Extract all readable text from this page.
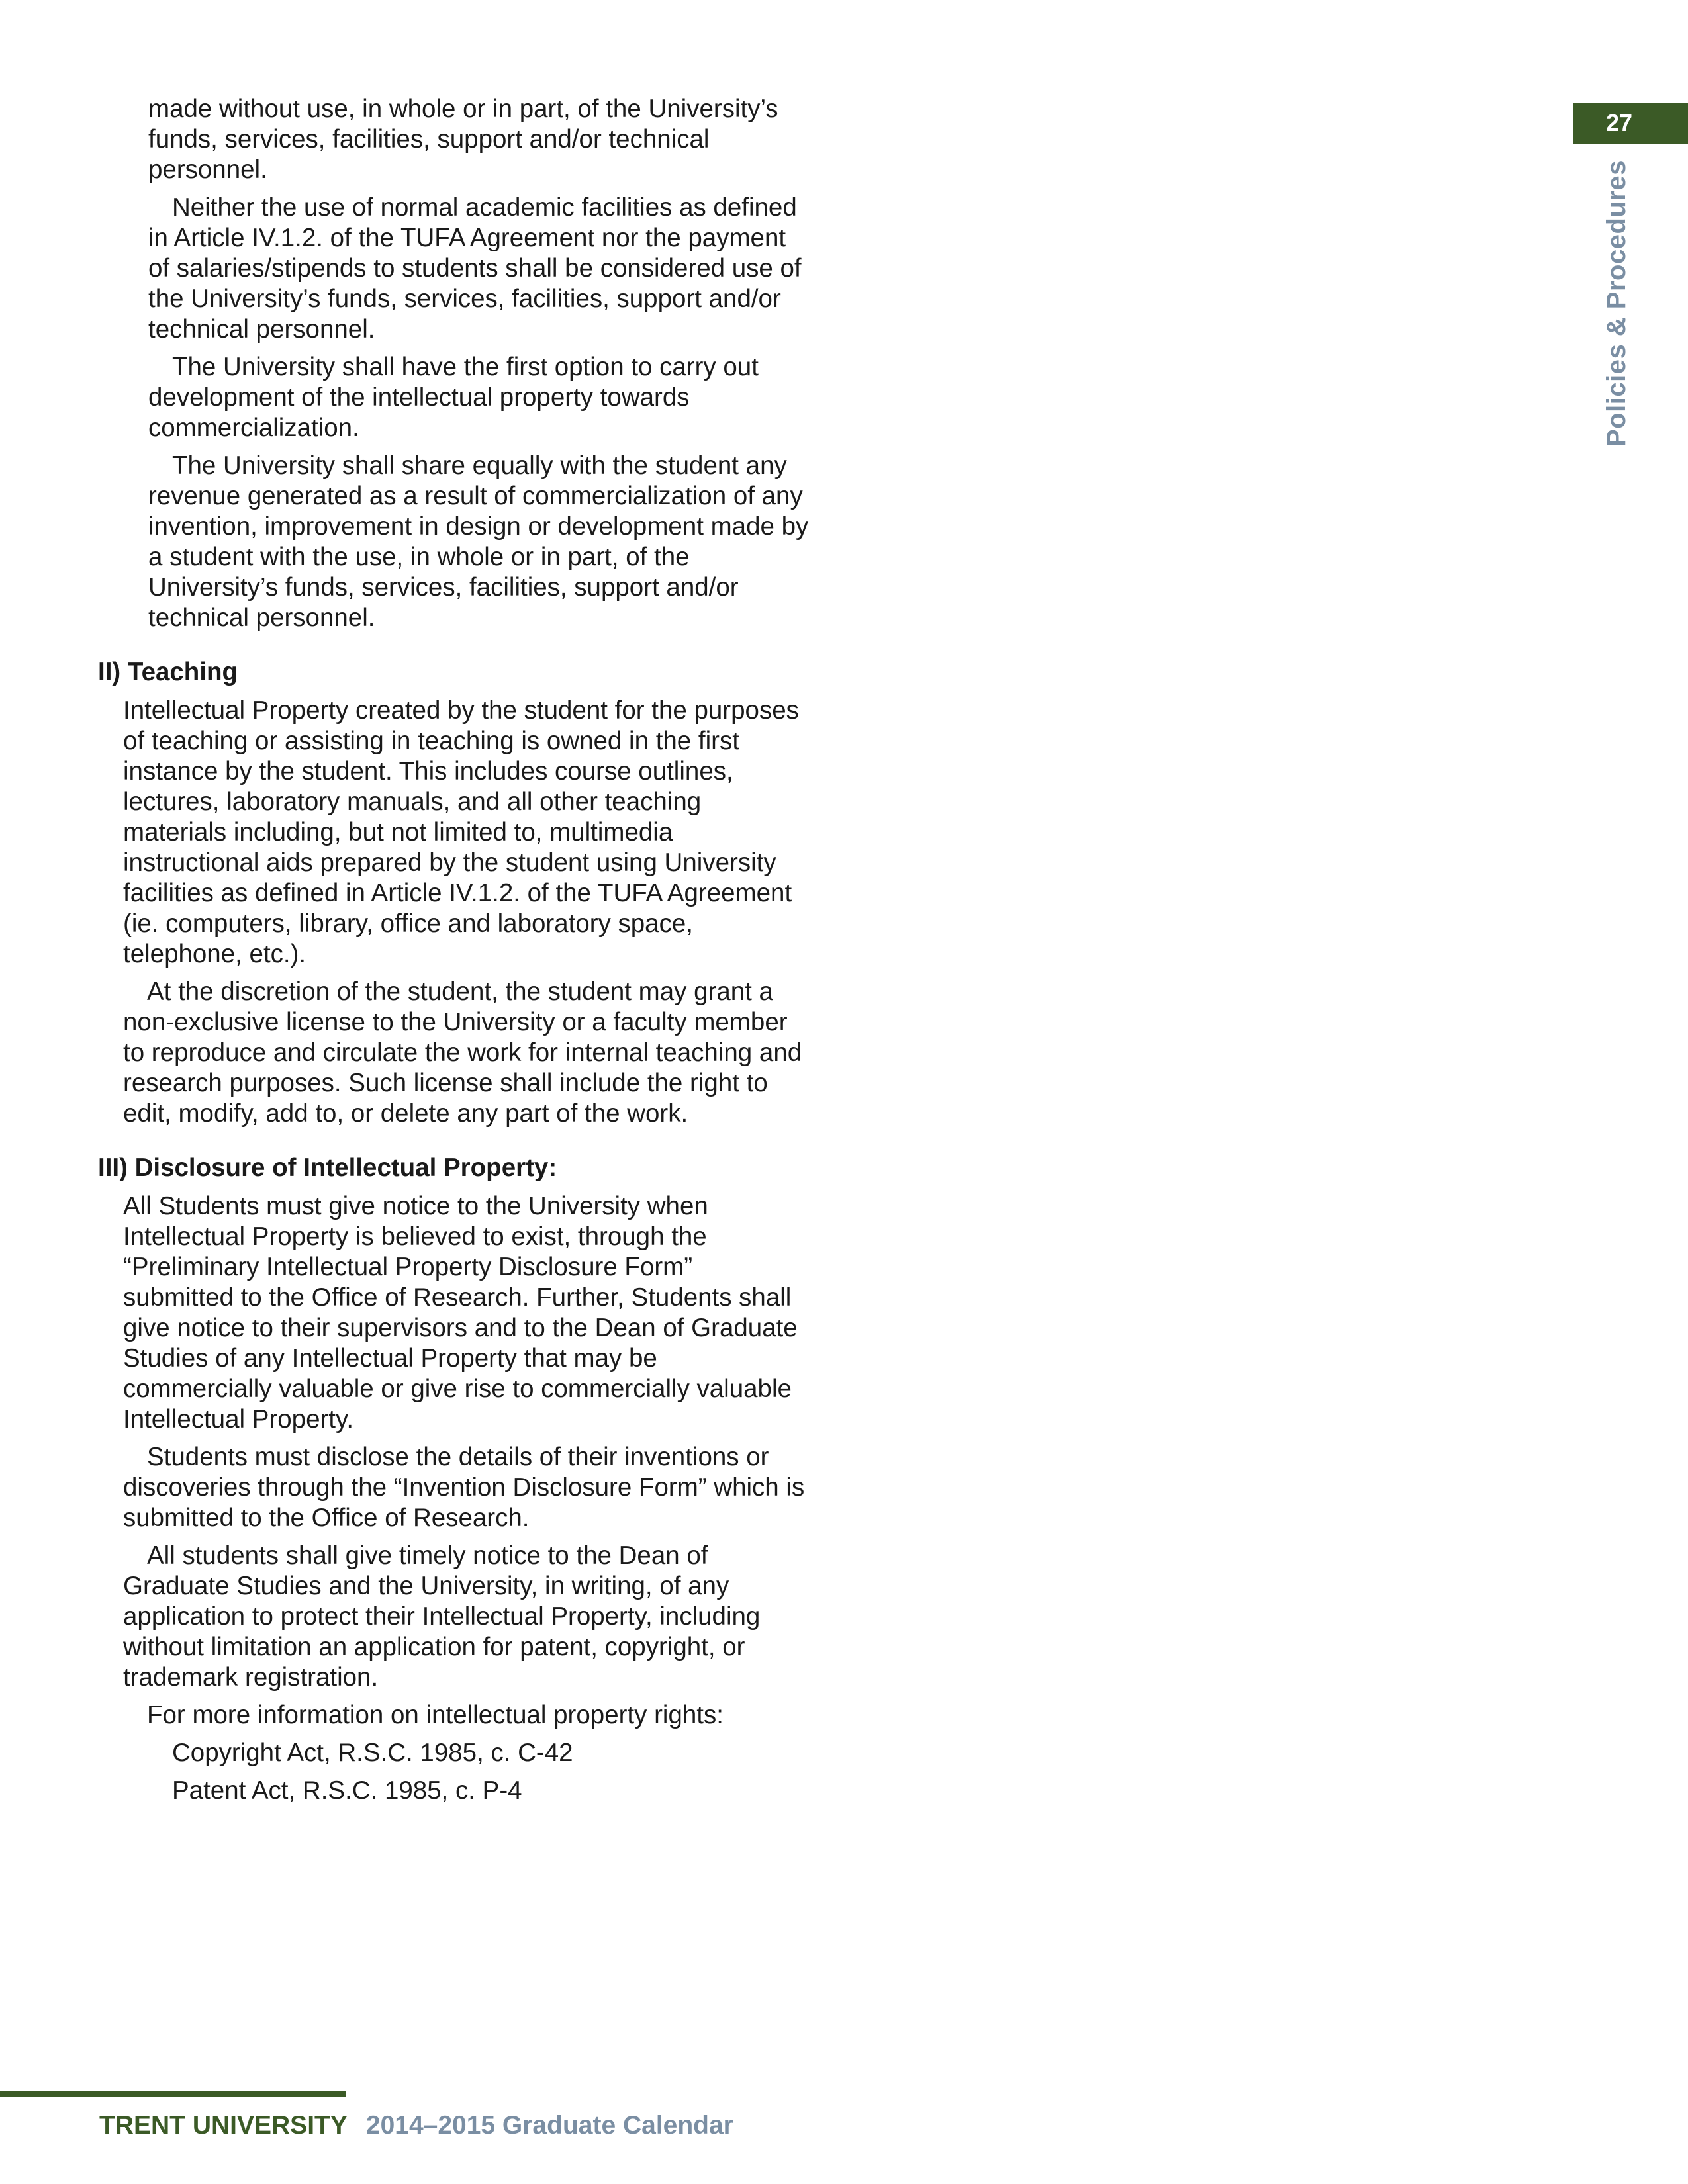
made without use, in whole or in part, of the University’s funds, services, facilities, support and/or technical personnel.

Neither the use of normal academic facilities as defined in Article IV.1.2. of the TUFA Agreement nor the payment of salaries/stipends to students shall be considered use of the University’s funds, services, facilities, support and/or technical personnel.

The University shall have the first option to carry out development of the intellectual property towards commercialization.

The University shall share equally with the student any revenue generated as a result of commercialization of any invention, improvement in design or development made by a student with the use, in whole or in part, of the University’s funds, services, facilities, support and/or technical personnel.

II) Teaching

Intellectual Property created by the student for the purposes of teaching or assisting in teaching is owned in the first instance by the student. This includes course outlines, lectures, laboratory manuals, and all other teaching materials including, but not limited to, multimedia instructional aids prepared by the student using University facilities as defined in Article IV.1.2. of the TUFA Agreement (ie. computers, library, office and laboratory space, telephone, etc.).

At the discretion of the student, the student may grant a non-exclusive license to the University or a faculty member to reproduce and circulate the work for internal teaching and research purposes. Such license shall include the right to edit, modify, add to, or delete any part of the work.

III) Disclosure of Intellectual Property:

All Students must give notice to the University when Intellectual Property is believed to exist, through the “Preliminary Intellectual Property Disclosure Form” submitted to the Office of Research. Further, Students shall give notice to their supervisors and to the Dean of Graduate Studies of any Intellectual Property that may be commercially valuable or give rise to commercially valuable Intellectual Property.

Students must disclose the details of their inventions or discoveries through the “Invention Disclosure Form” which is submitted to the Office of Research.

All students shall give timely notice to the Dean of Graduate Studies and the University, in writing, of any application to protect their Intellectual Property, including without limitation an application for patent, copyright, or trademark registration.

For more information on intellectual property rights:

Copyright Act, R.S.C. 1985, c. C-42

Patent Act, R.S.C. 1985, c. P-4

27
Policies & Procedures
TRENT UNIVERSITY 2014–2015 Graduate Calendar
